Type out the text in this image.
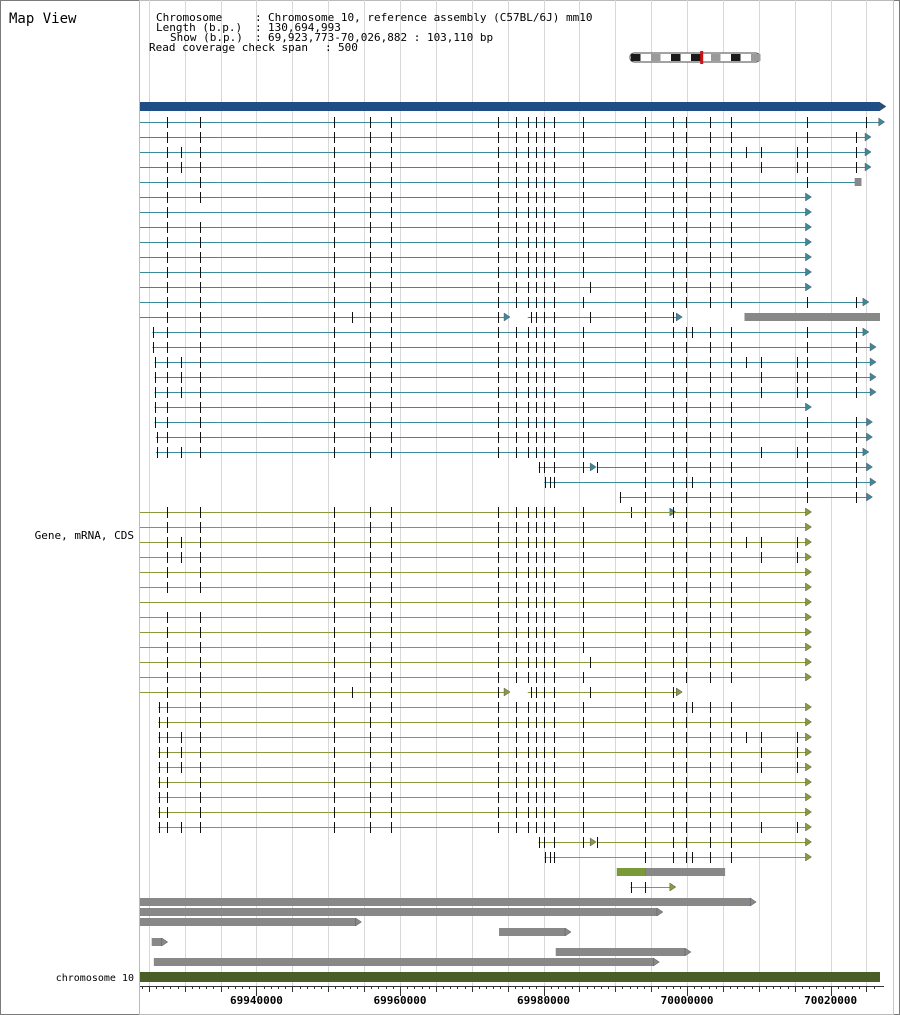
Map View
Gene, mRNA, CDS
chromosome 10
Chromosome	: Chromosome 10, reference assembly (C57BL/6J) mm10
Length (b.p.) : 130,694,993
Show (b.p.) : 69,923,773-70,026,882 : 103,110 bp
Read coverage check span : 500
69940000	69960000	69980000	70000000	70020000
